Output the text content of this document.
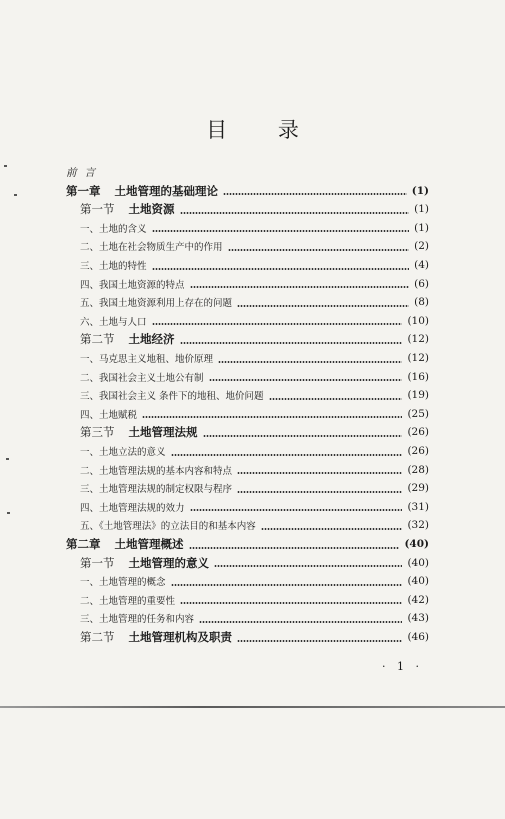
目 录
前言
第一章 土地管理的基础理论	(1)
第一节 土地资源	(1)
一、土地的含义	(1)
二、土地在社会物质生产中的作用	(2)
三、土地的特性	(4)
四、我国土地资源的特点	(6)
五、我国土地资源利用上存在的问题	(8)
六、土地与人口	(10)
第二节 土地经济	(12)
一、马克思主义地租、地价原理	(12)
二、我国社会主义土地公有制	(16)
三、我国社会主义 条件下的地租、地价问题	(19)
四、土地赋税	(25)
第三节 土地管理法规	(26)
一、土地立法的意义	(26)
二、土地管理法规的基本内容和特点	(28)
三、土地管理法规的制定权限与程序	(29)
四、土地管理法规的效力	(31)
五、《土地管理法》的立法目的和基本内容	(32)
第二章 土地管理概述	(40)
第一节 土地管理的意义	(40)
一、土地管理的概念	(40)
二、土地管理的重要性	(42)
三、土地管理的任务和内容	(43)
第二节 土地管理机构及职责	(46)
· 1 ·
